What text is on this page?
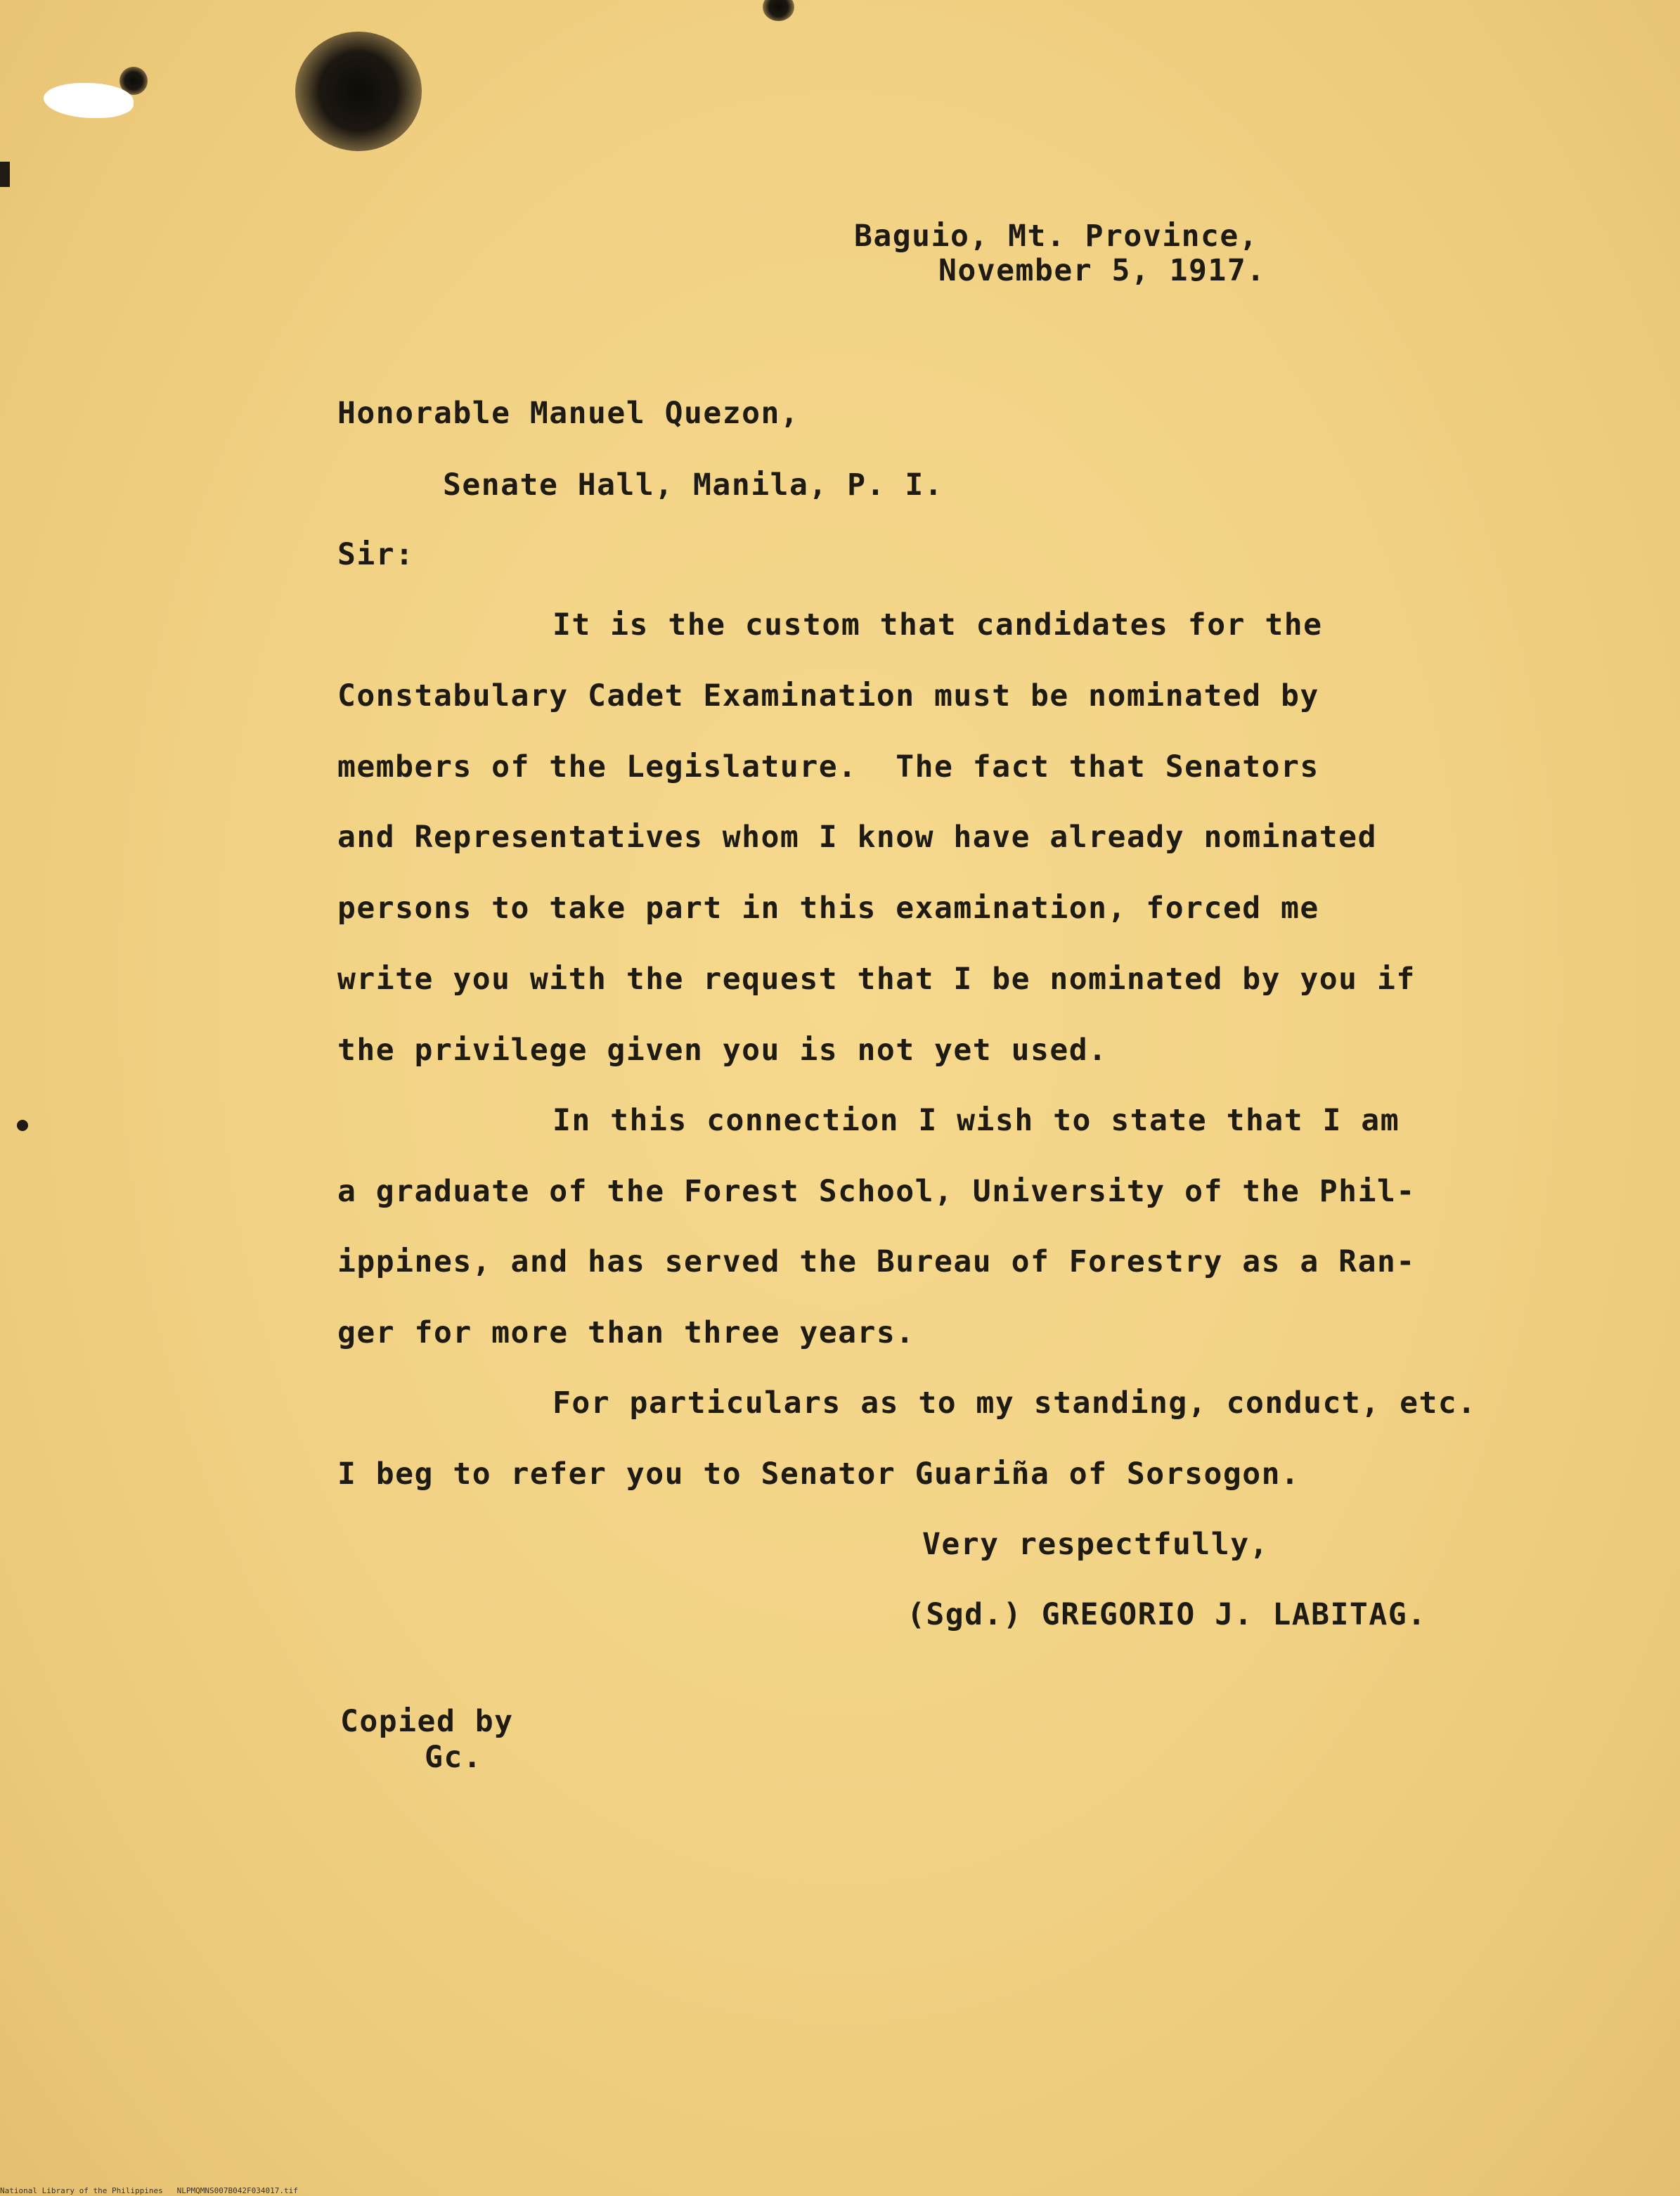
Baguio, Mt. Province,
November 5, 1917.
Honorable Manuel Quezon,
Senate Hall, Manila, P. I.
Sir:
It is the custom that candidates for the
Constabulary Cadet Examination must be nominated by
members of the Legislature.  The fact that Senators
and Representatives whom I know have already nominated
persons to take part in this examination, forced me
write you with the request that I be nominated by you if
the privilege given you is not yet used.
In this connection I wish to state that I am
a graduate of the Forest School, University of the Phil-
ippines, and has served the Bureau of Forestry as a Ran-
ger for more than three years.
For particulars as to my standing, conduct, etc.
I beg to refer you to Senator Guariña of Sorsogon.
Very respectfully,
(Sgd.) GREGORIO J. LABITAG.
Copied by
Gc.
National Library of the Philippines   NLPMQMNS007B042F034017.tif
